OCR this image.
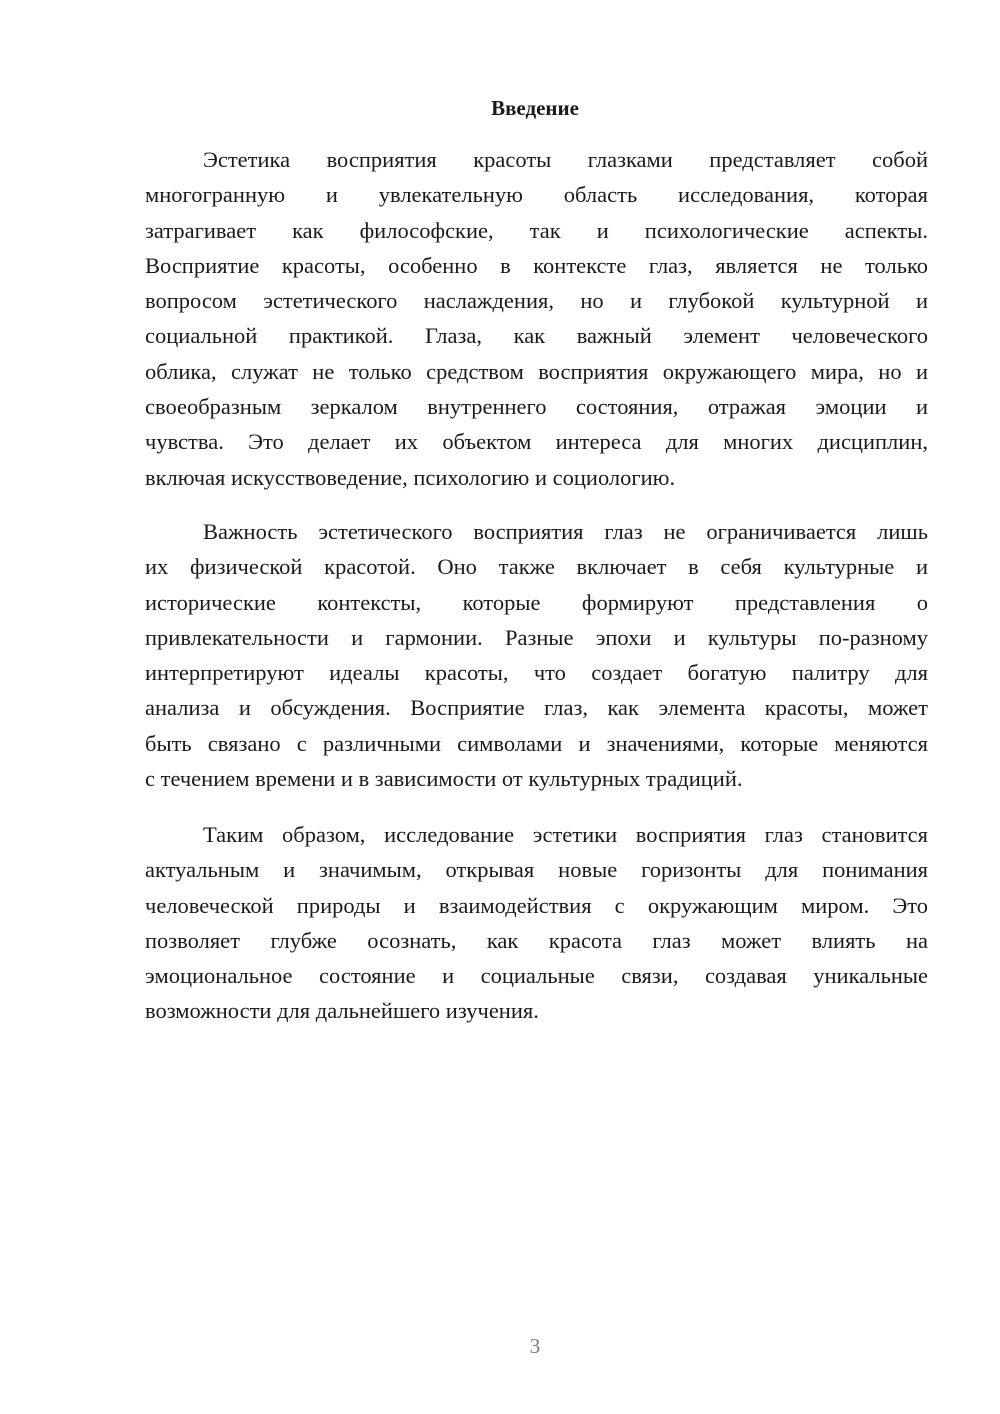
Введение
Эстетика восприятия красоты глазками представляет собой
многогранную и увлекательную область исследования, которая
затрагивает как философские, так и психологические аспекты.
Восприятие красоты, особенно в контексте глаз, является не только
вопросом эстетического наслаждения, но и глубокой культурной и
социальной практикой. Глаза, как важный элемент человеческого
облика, служат не только средством восприятия окружающего мира, но и
своеобразным зеркалом внутреннего состояния, отражая эмоции и
чувства. Это делает их объектом интереса для многих дисциплин,
включая искусствоведение, психологию и социологию.
Важность эстетического восприятия глаз не ограничивается лишь
их физической красотой. Оно также включает в себя культурные и
исторические контексты, которые формируют представления о
привлекательности и гармонии. Разные эпохи и культуры по-разному
интерпретируют идеалы красоты, что создает богатую палитру для
анализа и обсуждения. Восприятие глаз, как элемента красоты, может
быть связано с различными символами и значениями, которые меняются
с течением времени и в зависимости от культурных традиций.
Таким образом, исследование эстетики восприятия глаз становится
актуальным и значимым, открывая новые горизонты для понимания
человеческой природы и взаимодействия с окружающим миром. Это
позволяет глубже осознать, как красота глаз может влиять на
эмоциональное состояние и социальные связи, создавая уникальные
возможности для дальнейшего изучения.
3
